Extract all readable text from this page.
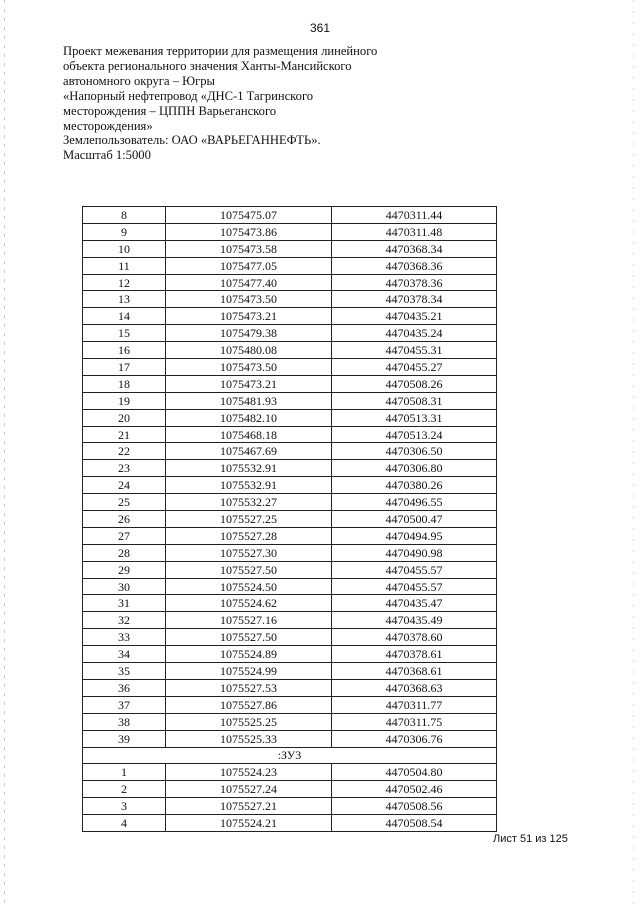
361
Проект межевания территории для размещения линейного
объекта регионального значения Ханты-Мансийского
автономного округа – Югры
«Напорный нефтепровод «ДНС-1 Тагринского
месторождения – ЦППН Варьеганского
месторождения»
Землепользователь: ОАО «ВАРЬЕГАННЕФТЬ».
Масштаб 1:5000
8	1075475.07	4470311.44
9	1075473.86	4470311.48
10	1075473.58	4470368.34
11	1075477.05	4470368.36
12	1075477.40	4470378.36
13	1075473.50	4470378.34
14	1075473.21	4470435.21
15	1075479.38	4470435.24
16	1075480.08	4470455.31
17	1075473.50	4470455.27
18	1075473.21	4470508.26
19	1075481.93	4470508.31
20	1075482.10	4470513.31
21	1075468.18	4470513.24
22	1075467.69	4470306.50
23	1075532.91	4470306.80
24	1075532.91	4470380.26
25	1075532.27	4470496.55
26	1075527.25	4470500.47
27	1075527.28	4470494.95
28	1075527.30	4470490.98
29	1075527.50	4470455.57
30	1075524.50	4470455.57
31	1075524.62	4470435.47
32	1075527.16	4470435.49
33	1075527.50	4470378.60
34	1075524.89	4470378.61
35	1075524.99	4470368.61
36	1075527.53	4470368.63
37	1075527.86	4470311.77
38	1075525.25	4470311.75
39	1075525.33	4470306.76
:ЗУ3		
1	1075524.23	4470504.80
2	1075527.24	4470502.46
3	1075527.21	4470508.56
4	1075524.21	4470508.54
Лист 51 из 125
